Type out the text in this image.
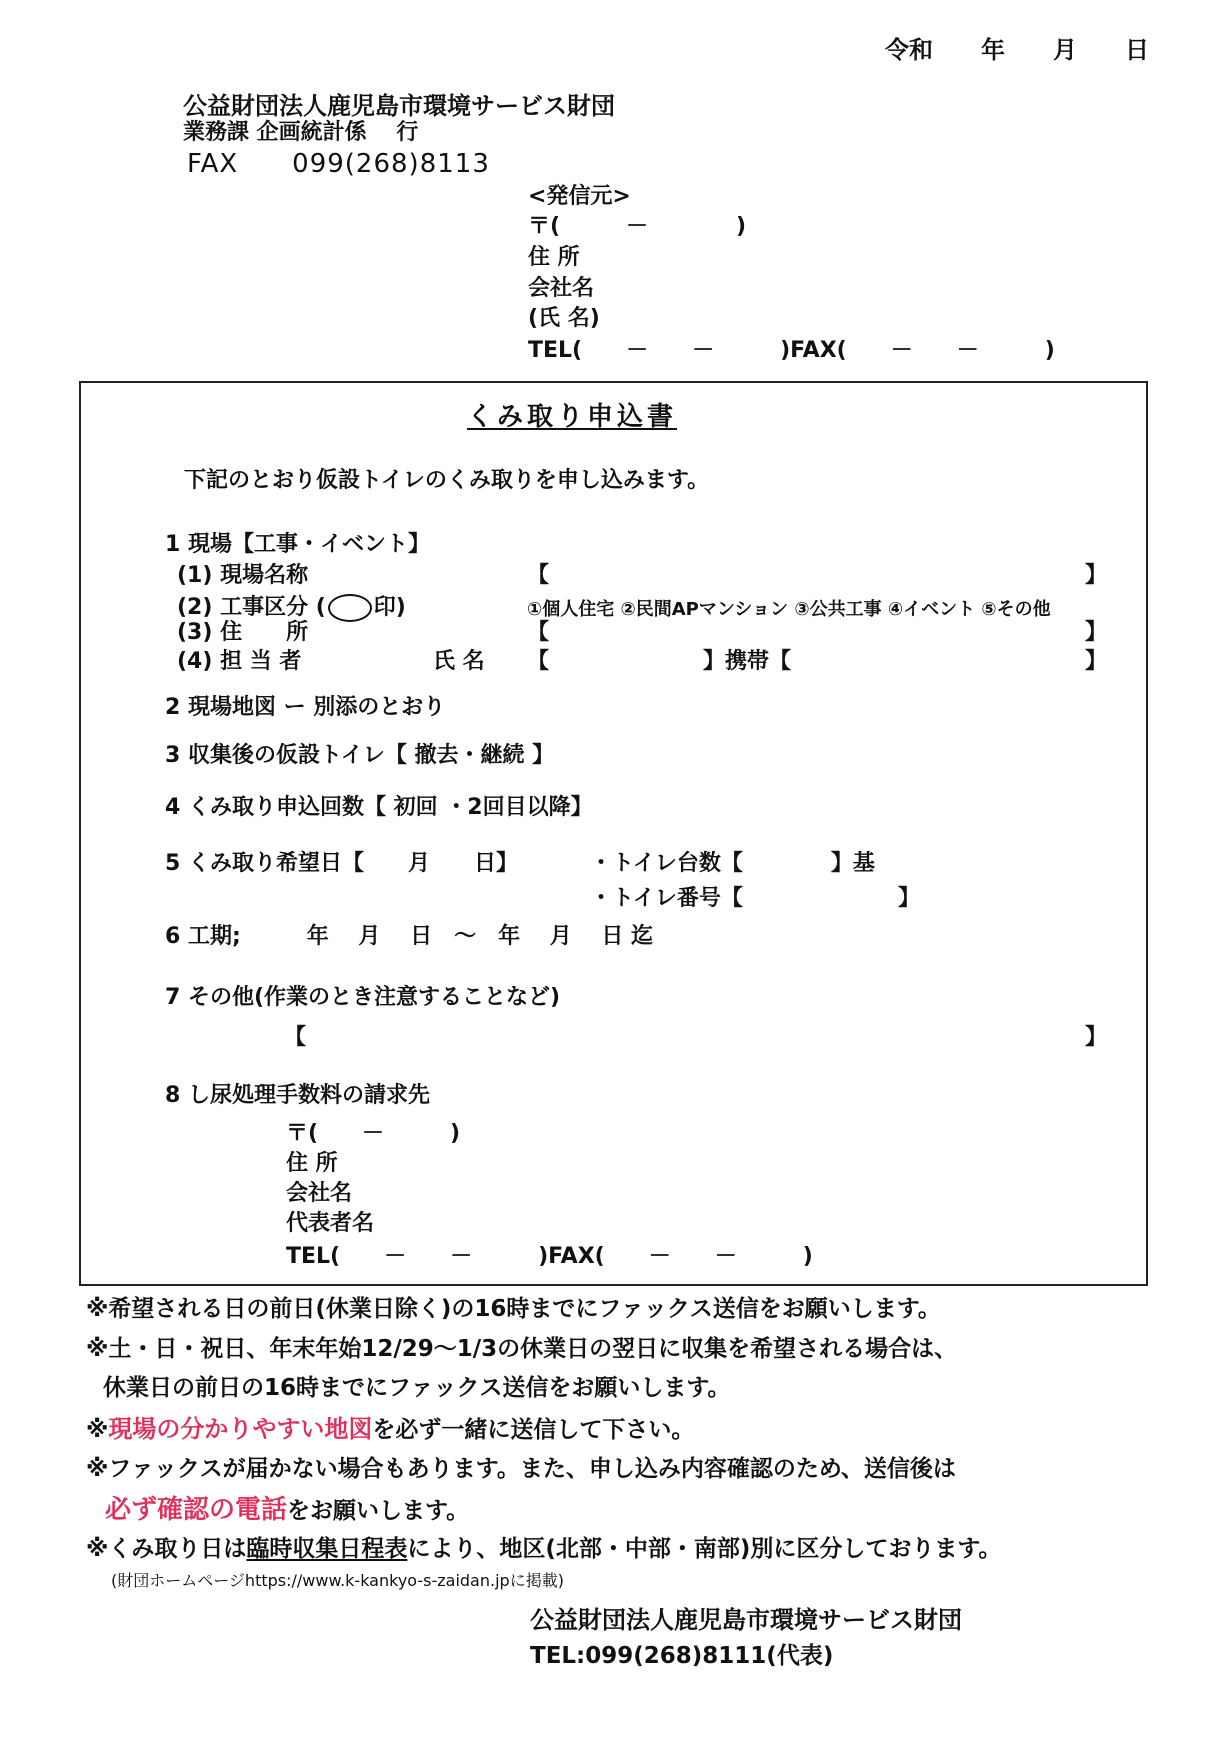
令和　　年　　月　　日
公益財団法人鹿児島市環境サービス財団
業務課 企画統計係　 行
FAX　　099(268)8113
<発信元>
〒(　　　－　　　　)
住 所
会社名
(氏 名)
TEL(　　－　　－　　　)FAX(　　－　　－　　　)
くみ取り申込書
下記のとおり仮設トイレのくみ取りを申し込みます。
1 現場【工事・イベント】
(1) 現場名称	【	】
(2) 工事区分 ( 印)	①個人住宅 ②民間APマンション ③公共工事 ④イベント ⑤その他
(3) 住　　所	【	】
(4) 担 当 者	氏 名 【　　　　　　　】携帯【	】
2 現場地図 ー 別添のとおり
3 収集後の仮設トイレ【 撤去・継続 】
4 くみ取り申込回数【 初回 ・2回目以降】
5 くみ取り希望日【　　月　　日】	・トイレ台数【　　　　】基
・トイレ番号【	】
6 工期;　　　年　 月　 日　～　年　 月　 日 迄
7 その他(作業のとき注意することなど)
【	】
8 し尿処理手数料の請求先
〒(　　－　　　)
住 所
会社名
代表者名
TEL(　　－　　－　　　)FAX(　　－　　－　　　)
※希望される日の前日(休業日除く)の16時までにファックス送信をお願いします。
※土・日・祝日、年末年始12/29～1/3の休業日の翌日に収集を希望される場合は、
休業日の前日の16時までにファックス送信をお願いします。
※現場の分かりやすい地図を必ず一緒に送信して下さい。
※ファックスが届かない場合もあります。また、申し込み内容確認のため、送信後は
必ず確認の電話をお願いします。
※くみ取り日は臨時収集日程表により、地区(北部・中部・南部)別に区分しております。
(財団ホームページhttps://www.k-kankyo-s-zaidan.jpに掲載)
公益財団法人鹿児島市環境サービス財団
TEL:099(268)8111(代表)
